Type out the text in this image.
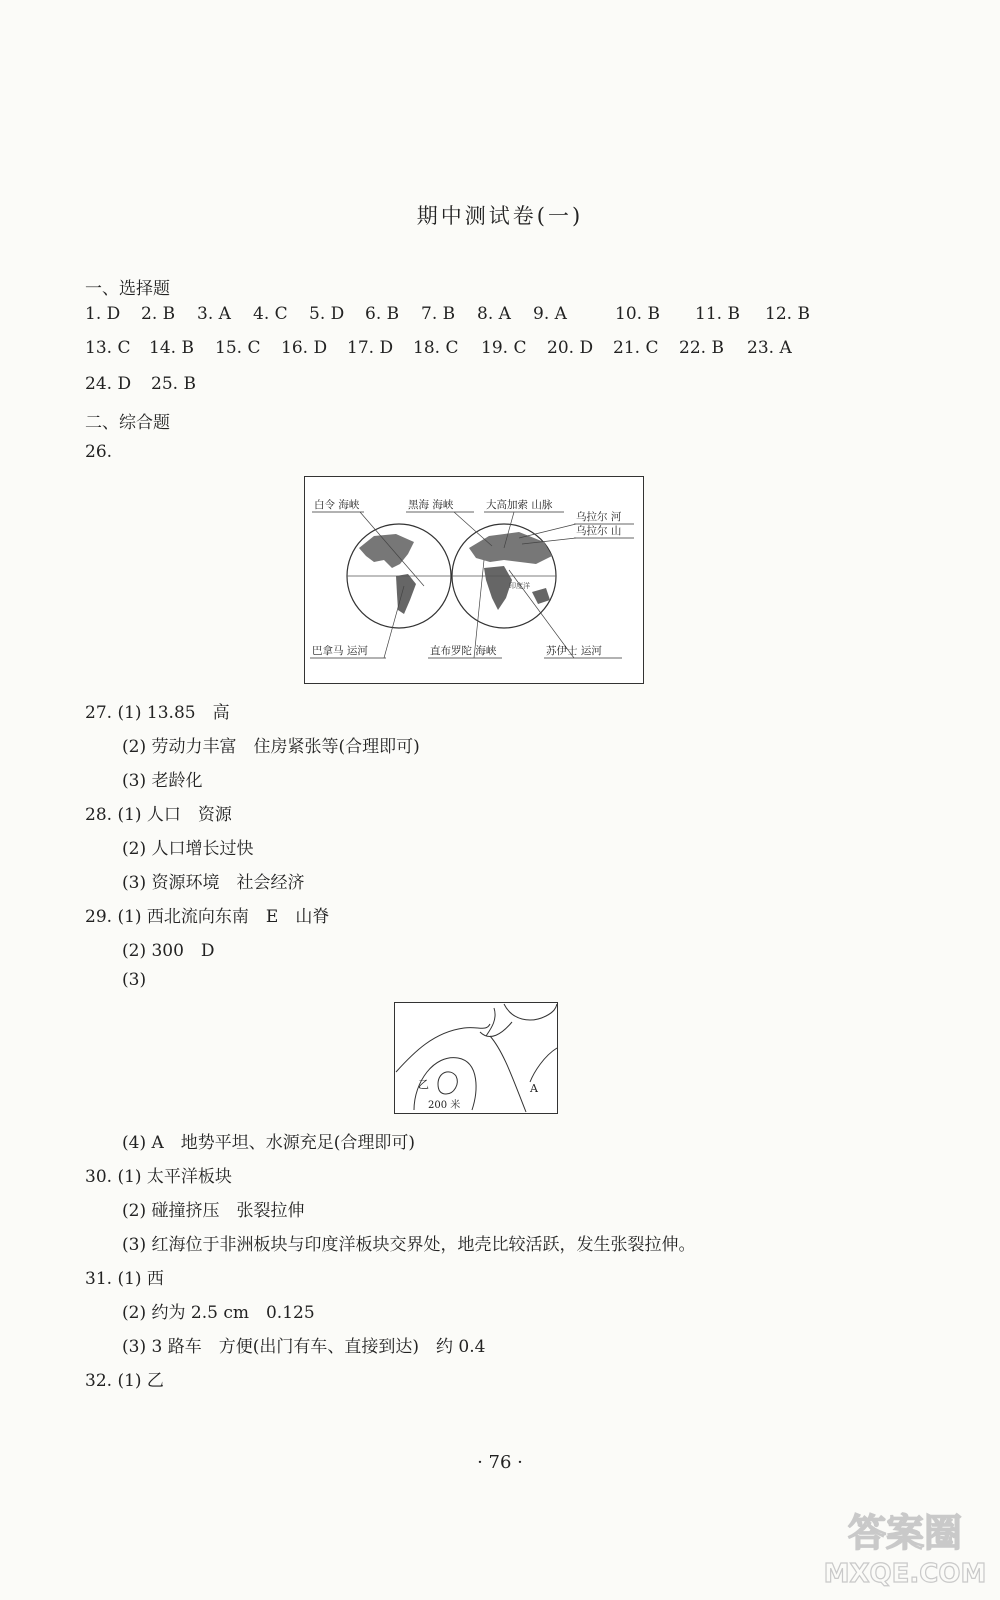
期中测试卷(一)
一、选择题
1. D 2. B 3. A 4. C 5. D 6. B 7. B 8. A 9. A	10. B 11. B 12. B
13. C 14. B 15. C 16. D 17. D 18. C 19. C 20. D 21. C 22. B 23. A
24. D 25. B
二、综合题
26.
白令 海峡	黑海 海峡	大高加索 山脉
乌拉尔 河
乌拉尔 山
巴拿马 运河	直布罗陀 海峡	苏伊士 运河
印度洋
27. (1) 13.85　高
(2) 劳动力丰富　住房紧张等(合理即可)
(3) 老龄化
28. (1) 人口　资源
(2) 人口增长过快
(3) 资源环境　社会经济
29. (1) 西北流向东南　E　山脊
(2) 300　D
(3)
乙	A
200 米
(4) A　地势平坦、水源充足(合理即可)
30. (1) 太平洋板块
(2) 碰撞挤压　张裂拉伸
(3) 红海位于非洲板块与印度洋板块交界处，地壳比较活跃，发生张裂拉伸。
31. (1) 西
(2) 约为 2.5 cm　0.125
(3) 3 路车　方便(出门有车、直接到达)　约 0.4
32. (1) 乙
· 76 ·
答案圈
MXQE.COM
